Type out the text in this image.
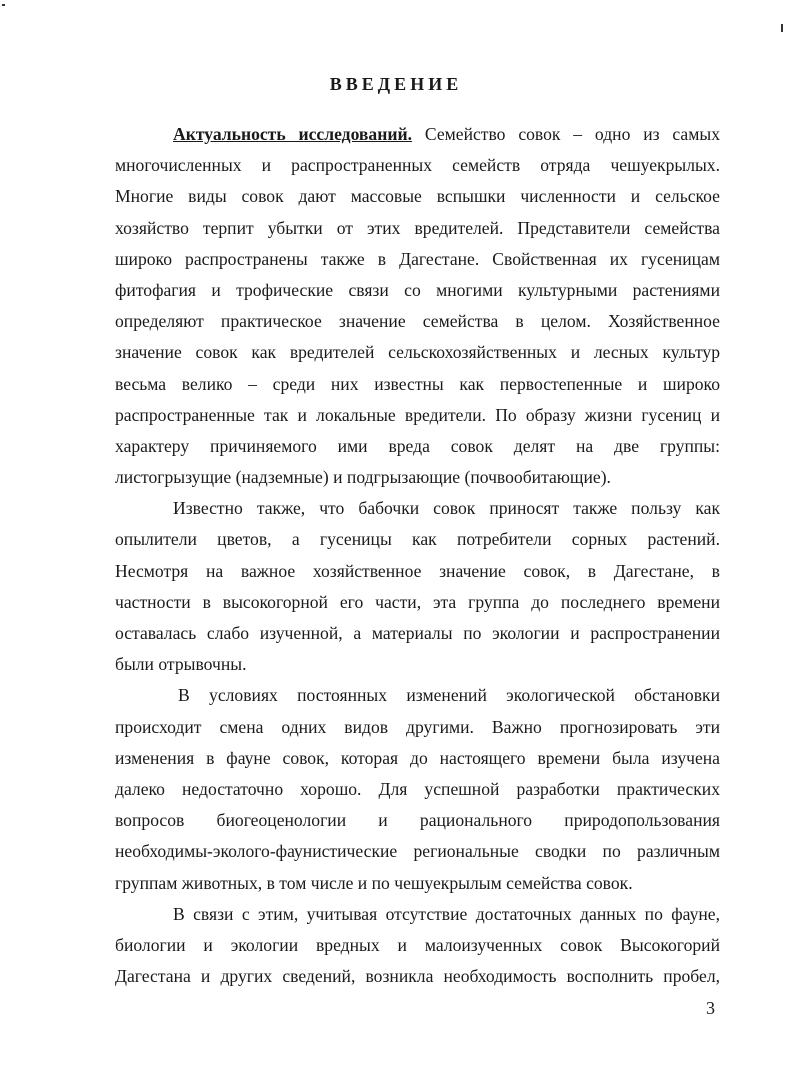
ВВЕДЕНИЕ
Актуальность исследований. Семейство совок – одно из самых
многочисленных и распространенных семейств отряда чешуекрылых.
Многие виды совок дают массовые вспышки численности и сельское
хозяйство терпит убытки от этих вредителей. Представители семейства
широко распространены также в Дагестане. Свойственная их гусеницам
фитофагия и трофические связи со многими культурными растениями
определяют практическое значение семейства в целом. Хозяйственное
значение совок как вредителей сельскохозяйственных и лесных культур
весьма велико – среди них известны как первостепенные и широко
распространенные так и локальные вредители. По образу жизни гусениц и
характеру причиняемого ими вреда совок делят на две группы:
листогрызущие (надземные) и подгрызающие (почвообитающие).
Известно также, что бабочки совок приносят также пользу как
опылители цветов, а гусеницы как потребители сорных растений.
Несмотря на важное хозяйственное значение совок, в Дагестане, в
частности в высокогорной его части, эта группа до последнего времени
оставалась слабо изученной, а материалы по экологии и распространении
были отрывочны.
В условиях постоянных изменений экологической обстановки
происходит смена одних видов другими. Важно прогнозировать эти
изменения в фауне совок, которая до настоящего времени была изучена
далеко недостаточно хорошо. Для успешной разработки практических
вопросов биогеоценологии и рационального природопользования
необходимы-эколого-фаунистические региональные сводки по различным
группам животных, в том числе и по чешуекрылым семейства совок.
В связи с этим, учитывая отсутствие достаточных данных по фауне,
биологии и экологии вредных и малоизученных совок Высокогорий
Дагестана и других сведений, возникла необходимость восполнить пробел,
3
